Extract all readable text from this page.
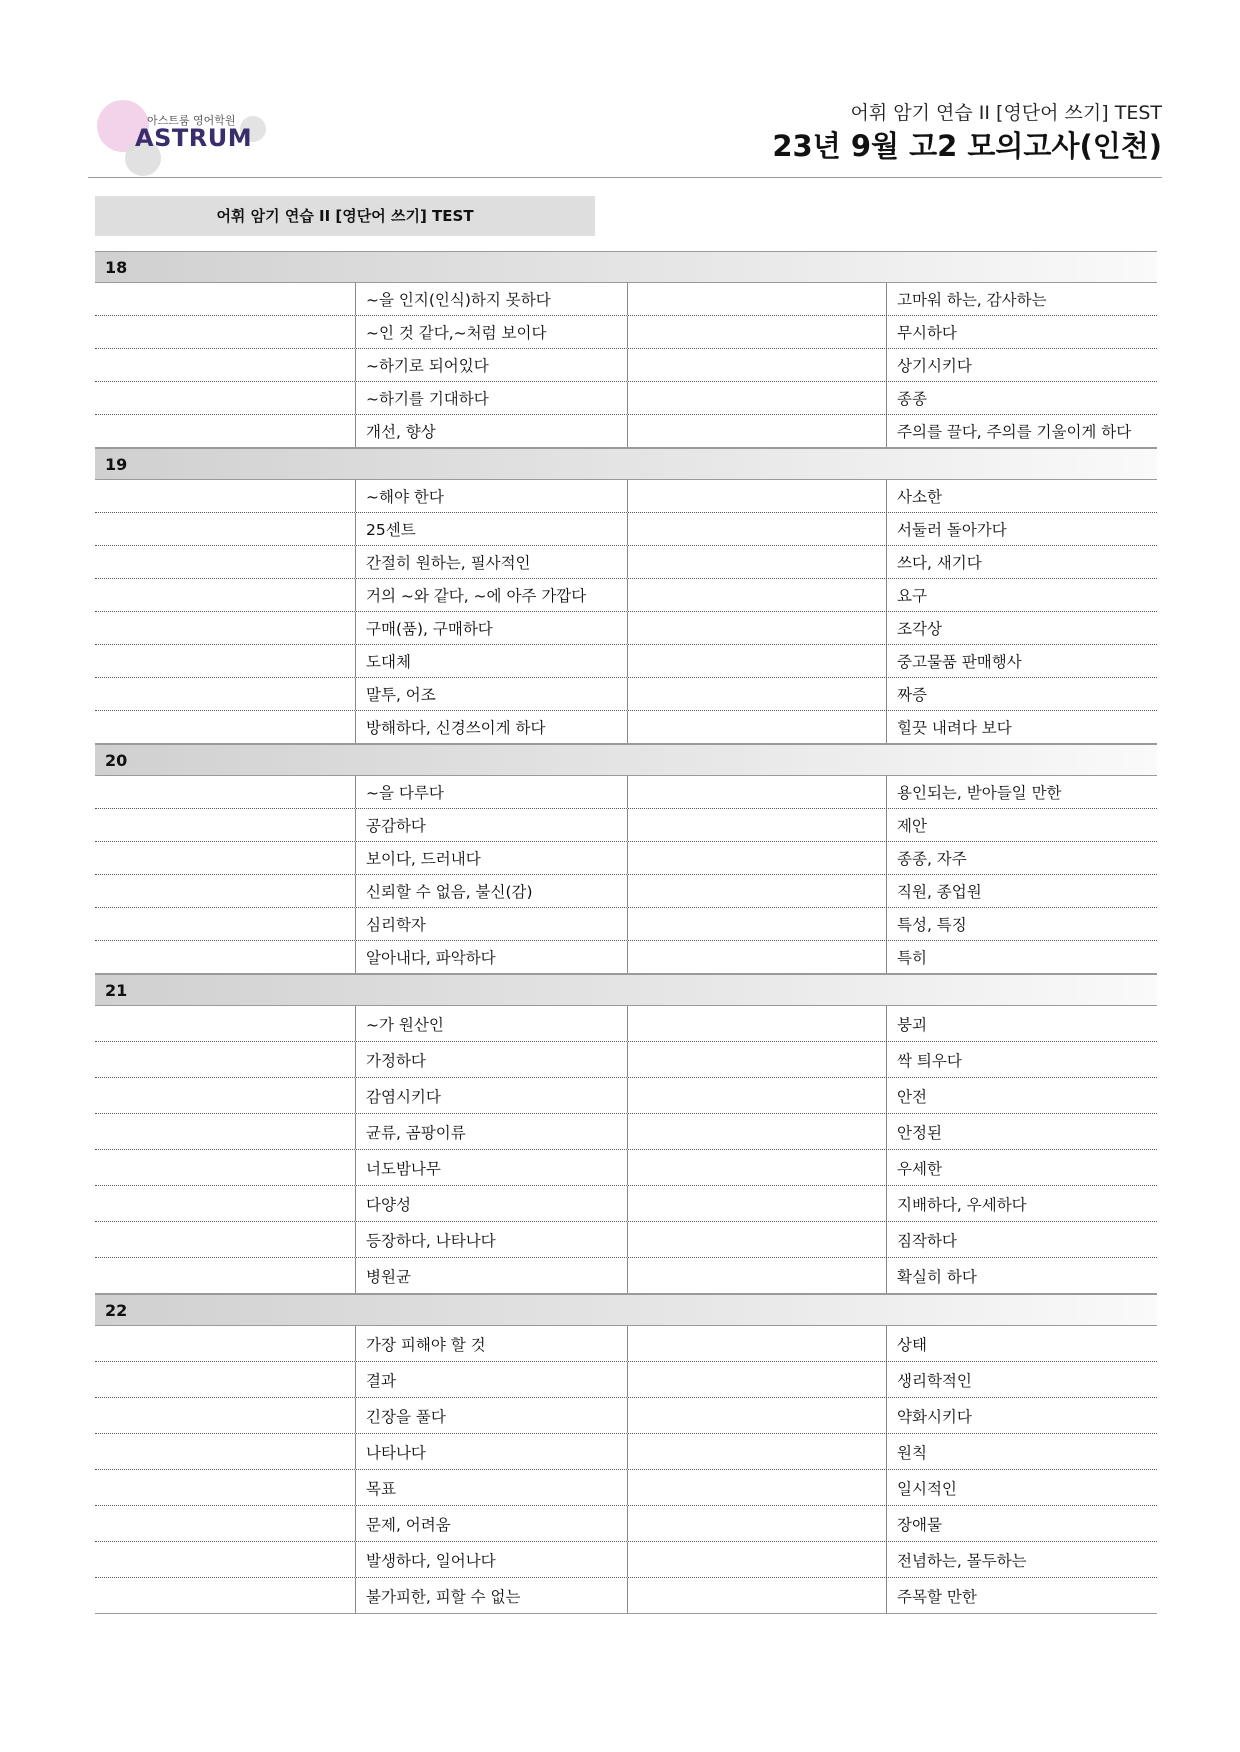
아스트룸 영어학원
ASTRUM
어휘 암기 연습 II [영단어 쓰기] TEST
23년 9월 고2 모의고사(인천)
어휘 암기 연습 II [영단어 쓰기] TEST
18
~을 인지(인식)하지 못하다	고마워 하는, 감사하는
~인 것 같다,~처럼 보이다	무시하다
~하기로 되어있다	상기시키다
~하기를 기대하다	종종
개선, 향상	주의를 끌다, 주의를 기울이게 하다
19
~해야 한다	사소한
25센트	서둘러 돌아가다
간절히 원하는, 필사적인	쓰다, 새기다
거의 ~와 같다, ~에 아주 가깝다	요구
구매(품), 구매하다	조각상
도대체	중고물품 판매행사
말투, 어조	짜증
방해하다, 신경쓰이게 하다	힐끗 내려다 보다
20
~을 다루다	용인되는, 받아들일 만한
공감하다	제안
보이다, 드러내다	종종, 자주
신뢰할 수 없음, 불신(감)	직원, 종업원
심리학자	특성, 특징
알아내다, 파악하다	특히
21
~가 원산인	붕괴
가정하다	싹 틔우다
감염시키다	안전
균류, 곰팡이류	안정된
너도밤나무	우세한
다양성	지배하다, 우세하다
등장하다, 나타나다	짐작하다
병원균	확실히 하다
22
가장 피해야 할 것	상태
결과	생리학적인
긴장을 풀다	약화시키다
나타나다	원칙
목표	일시적인
문제, 어려움	장애물
발생하다, 일어나다	전념하는, 몰두하는
불가피한, 피할 수 없는	주목할 만한
